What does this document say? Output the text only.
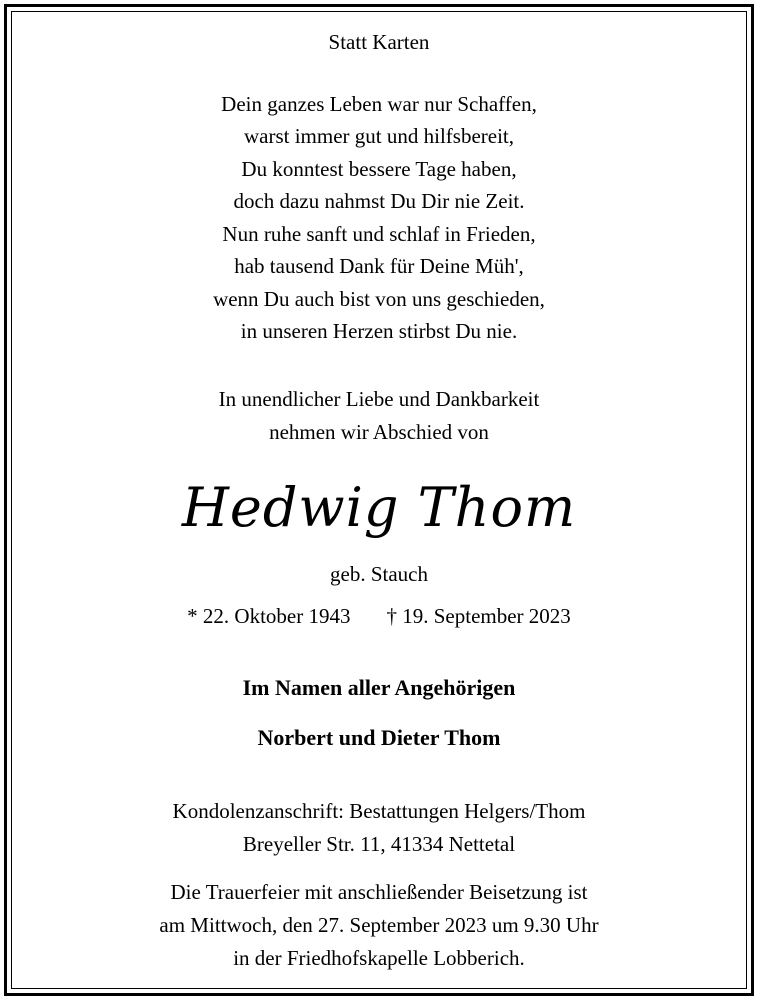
Statt Karten
Dein ganzes Leben war nur Schaffen,
warst immer gut und hilfsbereit,
Du konntest bessere Tage haben,
doch dazu nahmst Du Dir nie Zeit.
Nun ruhe sanft und schlaf in Frieden,
hab tausend Dank für Deine Müh',
wenn Du auch bist von uns geschieden,
in unseren Herzen stirbst Du nie.
In unendlicher Liebe und Dankbarkeit
nehmen wir Abschied von
Hedwig Thom
geb. Stauch
* 22. Oktober 1943 † 19. September 2023
Im Namen aller Angehörigen
Norbert und Dieter Thom
Kondolenzanschrift: Bestattungen Helgers/Thom
Breyeller Str. 11, 41334 Nettetal
Die Trauerfeier mit anschließender Beisetzung ist
am Mittwoch, den 27. September 2023 um 9.30 Uhr
in der Friedhofskapelle Lobberich.
